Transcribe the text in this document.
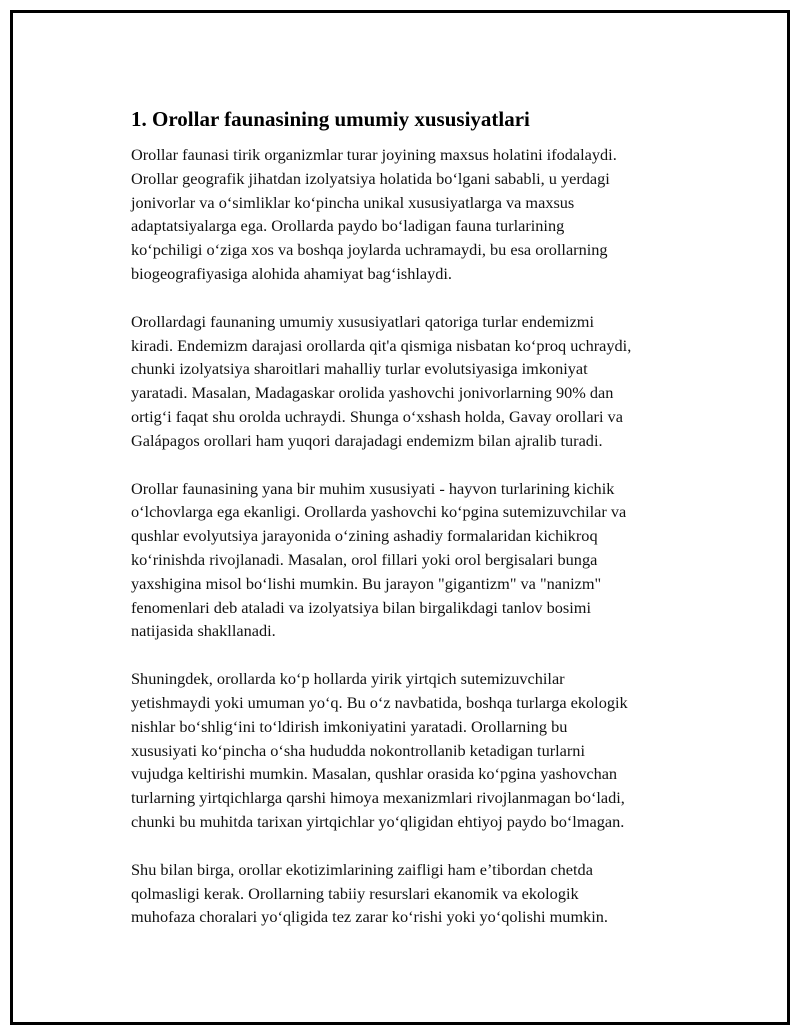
1. Orollar faunasining umumiy xususiyatlari

Orollar faunasi tirik organizmlar turar joyining maxsus holatini ifodalaydi.
Orollar geografik jihatdan izolyatsiya holatida bo‘lgani sababli, u yerdagi
jonivorlar va o‘simliklar ko‘pincha unikal xususiyatlarga va maxsus
adaptatsiyalarga ega. Orollarda paydo bo‘ladigan fauna turlarining
ko‘pchiligi o‘ziga xos va boshqa joylarda uchramaydi, bu esa orollarning
biogeografiyasiga alohida ahamiyat bag‘ishlaydi.

Orollardagi faunaning umumiy xususiyatlari qatoriga turlar endemizmi
kiradi. Endemizm darajasi orollarda qit'a qismiga nisbatan ko‘proq uchraydi,
chunki izolyatsiya sharoitlari mahalliy turlar evolutsiyasiga imkoniyat
yaratadi. Masalan, Madagaskar orolida yashovchi jonivorlarning 90% dan
ortig‘i faqat shu orolda uchraydi. Shunga o‘xshash holda, Gavay orollari va
Galápagos orollari ham yuqori darajadagi endemizm bilan ajralib turadi.

Orollar faunasining yana bir muhim xususiyati - hayvon turlarining kichik
o‘lchovlarga ega ekanligi. Orollarda yashovchi ko‘pgina sutemizuvchilar va
qushlar evolyutsiya jarayonida o‘zining ashadiy formalaridan kichikroq
ko‘rinishda rivojlanadi. Masalan, orol fillari yoki orol bergisalari bunga
yaxshigina misol bo‘lishi mumkin. Bu jarayon "gigantizm" va "nanizm"
fenomenlari deb ataladi va izolyatsiya bilan birgalikdagi tanlov bosimi
natijasida shakllanadi.

Shuningdek, orollarda ko‘p hollarda yirik yirtqich sutemizuvchilar
yetishmaydi yoki umuman yo‘q. Bu o‘z navbatida, boshqa turlarga ekologik
nishlar bo‘shlig‘ini to‘ldirish imkoniyatini yaratadi. Orollarning bu
xususiyati ko‘pincha o‘sha hududda nokontrollanib ketadigan turlarni
vujudga keltirishi mumkin. Masalan, qushlar orasida ko‘pgina yashovchan
turlarning yirtqichlarga qarshi himoya mexanizmlari rivojlanmagan bo‘ladi,
chunki bu muhitda tarixan yirtqichlar yo‘qligidan ehtiyoj paydo bo‘lmagan.

Shu bilan birga, orollar ekotizimlarining zaifligi ham e’tibordan chetda
qolmasligi kerak. Orollarning tabiiy resurslari ekanomik va ekologik
muhofaza choralari yo‘qligida tez zarar ko‘rishi yoki yo‘qolishi mumkin.
